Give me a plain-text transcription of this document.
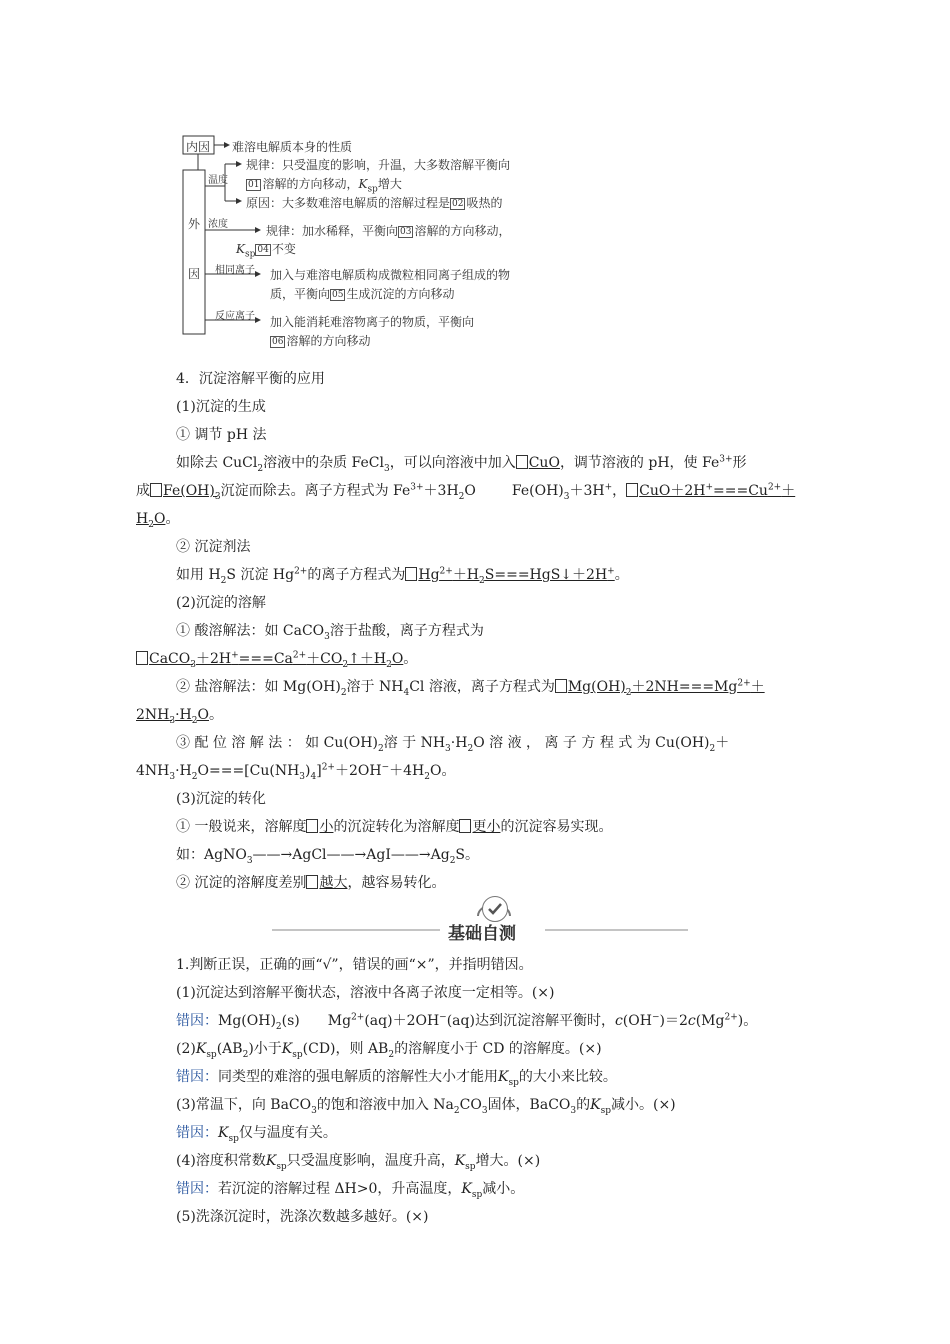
内因 难溶电解质本身的性质
外
因
温度
规律：只受温度的影响，升温，大多数溶解平衡向
01 溶解的方向移动，$K_{sp}$增大
原因：大多数难溶电解质的溶解过程是 02 吸热的
浓度	规律：加水稀释，平衡向 03 溶解的方向移动，
$K_{sp}$ 04 不变
相同离子 加入与难溶电解质构成微粒相同离子组成的物
质，平衡向 05 生成沉淀的方向移动
反应离子 加入能消耗难溶物离子的物质，平衡向
06 溶解的方向移动
4．沉淀溶解平衡的应用
(1)沉淀的生成
① 调节 pH 法
如除去 CuCl$_2$溶液中的杂质 FeCl$_3$，可以向溶液中加入 CuO，调节溶液的 pH，使 $Fe^{3+}$形
成 $Fe(OH)_3$沉淀而除去。离子方程式为 $Fe^{3+}+3H_2O$	$Fe(OH)_3+3H^+$， $CuO+2H^+===Cu^{2+}+$
$H_2O$。
② 沉淀剂法
如用 $H_2S$ 沉淀 $Hg^{2+}$的离子方程式为 $Hg^{2+}+H_2S===HgS↓+2H^+$。
(2)沉淀的溶解
① 酸溶解法：如 CaCO$_3$溶于盐酸，离子方程式为
$CaCO_3+2H^+===Ca^{2+}+CO_2↑+H_2O$。
② 盐溶解法：如 $Mg(OH)_2$溶于 $NH_4Cl$ 溶液，离子方程式为 $Mg(OH)_2+2NH===Mg^{2+}+$
$2NH_3\cdot H_2O$。
③ 配 位 溶 解 法 ： 如 $Cu(OH)_2$溶 于 $NH_3\cdot H_2O$ 溶 液 ， 离 子 方 程 式 为 $Cu(OH)_2+$
$4NH_3\cdot H_2O===[Cu(NH_3)_4]^{2+}+2OH^-+4H_2O$。
(3)沉淀的转化
① 一般说来，溶解度 小的沉淀转化为溶解度 更小的沉淀容易实现。
如：$AgNO_3——\to AgCl——\to AgI——\to Ag_2S$。
② 沉淀的溶解度差别 越大，越容易转化。
基础自测
1.判断正误，正确的画“√”，错误的画“×”，并指明错因。
(1)沉淀达到溶解平衡状态，溶液中各离子浓度一定相等。(×)
错因：$Mg(OH)_2(s)$ $Mg^{2+}(aq)+2OH^-(aq)$达到沉淀溶解平衡时，$c(OH^-)=2c(Mg^{2+})$。
$(2)K_{sp}(AB_2)$小于$K_{sp}(CD)$，则 $AB_2$的溶解度小于 CD 的溶解度。(×)
错因：同类型的难溶的强电解质的溶解性大小才能用$K_{sp}$的大小来比较。
(3)常温下，向 BaCO$_3$的饱和溶液中加入 $Na_2CO_3$固体，BaCO$_3$的$K_{sp}$减小。(×)
错因：$K_{sp}$仅与温度有关。
(4)溶度积常数$K_{sp}$只受温度影响，温度升高，$K_{sp}$增大。(×)
错因：若沉淀的溶解过程 ΔH>0，升高温度，$K_{sp}$减小。
(5)洗涤沉淀时，洗涤次数越多越好。(×)
